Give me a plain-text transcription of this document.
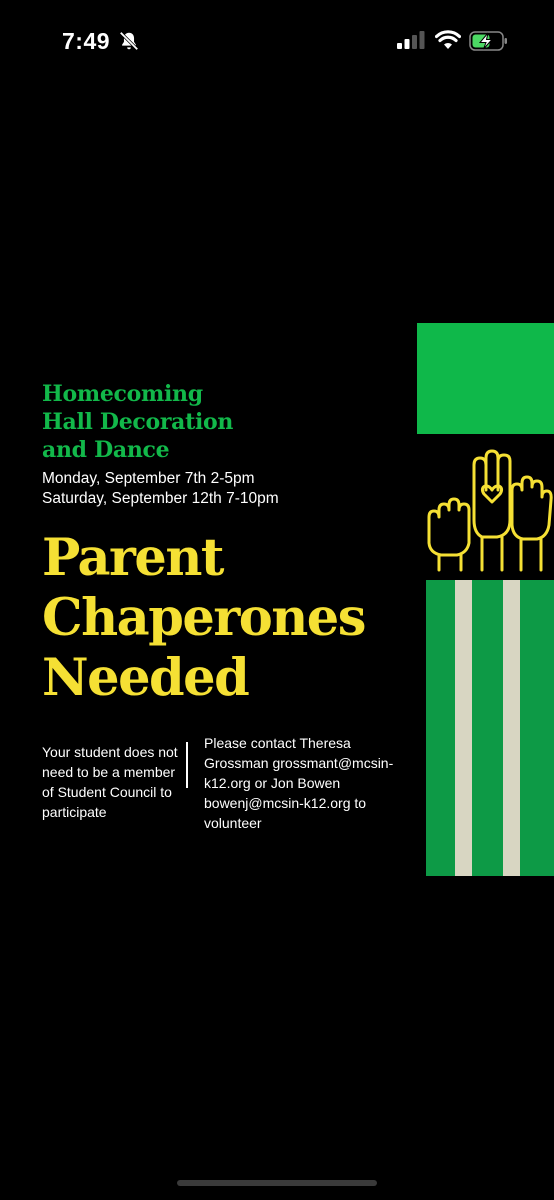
7:49
Homecoming
Hall Decoration
and Dance
Monday, September 7th 2-5pm
Saturday, September 12th 7-10pm
Parent
Chaperones
Needed
Your student does not need to be a member of Student Council to participate
Please contact Theresa Grossman grossmant@mcsin-k12.org or Jon Bowen bowenj@mcsin-k12.org to volunteer
